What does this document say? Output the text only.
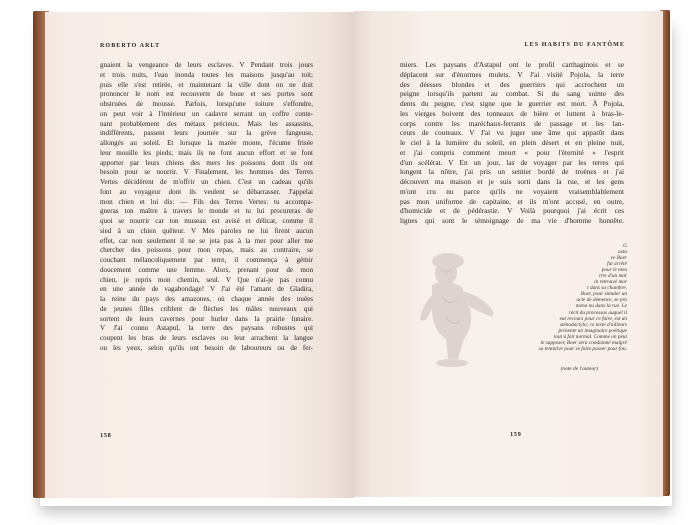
ROBERTO ARLT
gnaient la vengeance de leurs esclaves. V Pendant trois jours
et trois nuits, l'eau inonda toutes les maisons jusqu'au toit;
puis elle s'est retirée, et maintenant la ville dont on ne doit
prononcer le nom est recouverte de boue et ses portes sont
obstruées de mousse. Parfois, lorsqu'une toiture s'effondre,
on peut voir à l'intérieur un cadavre serrant un coffre conte-
nant probablement des métaux précieux. Mais les assassins,
indifférents, passent leurs journée sur la grève fangeuse,
allongés au soleil. Et lorsque la marée monte, l'écume frisée
leur mouille les pieds; mais ils ne font aucun effort et se font
apporter par leurs chiens des mers les poissons dont ils ont
besoin pour se nourrir. V Finalement, les hommes des Terres
Vertes décidèrent de m'offrir un chien. C'est un cadeau qu'ils
font au voyageur dont ils veulent se débarrasser. J'appelai
mon chien et lui dis: — Fils des Terres Vertes: tu accompa-
gneras ton maître à travers le monde et tu lui procureras de
quoi se nourrir car ton museau est avisé et délicat, comme il
sied à un chien quêteur. V Mes paroles ne lui firent aucun
effet, car non seulement il ne se jeta pas à la mer pour aller me
chercher des poissons pour mon repas, mais au contraire, se
couchant mélancoliquement par terre, il commença à gémir
doucement comme une femme. Alors, prenant pour de mon
chien, je repris mon chemin, seul. V Que n'ai-je pas connu
en une année de vagabondage! V J'ai été l'amant de Gladira,
la reine du pays des amazones, où chaque année des nuées
de jeunes filles criblent de flèches les mâles nouveaux qui
sortent de leurs cavernes pour hurler dans la prairie lunaire.
V J'ai connu Astapul, la terre des paysans robustes qui
coupent les bras de leurs esclaves ou leur arrachent la langue
ou les yeux, selon qu'ils ont besoin de laboureurs ou de fer-
158
LES HABITS DU FANTÔME
miers. Les paysans d'Astapul ont le profil carthaginois et se
déplacent sur d'énormes mulets. V J'ai visité Pojola, la terre
des déesses blondes et des guerriers qui accrochent un
peigne lorsqu'ils partent au combat. Si du sang suinte des
dents du peigne, c'est signe que le guerrier est mort. À Pojola,
les vierges boivent des tonneaux de bière et luttent à bras-le-
corps contre les maréchaux-ferrants de passage et les lan-
ceurs de couteaux. V J'ai vu juger une âme qui apparût dans
le ciel à la lumière du soleil, en plein désert et en pleine nuit,
et j'ai compris comment meurt « pour l'éternité » l'esprit
d'un scélérat. V En un jour, las de voyager par les terres qui
longent la nôtre, j'ai pris un sentier bordé de troènes et j'ai
découvert ma maison et je suis sorti dans la rue, et les gens
m'ont cru nu parce qu'ils ne voyaient vraisemblablement
pas mon uniforme de capitaine, et ils m'ont accusé, en outre,
d'homicide et de pédérastie. V Voilà pourquoi j'ai écrit ces
lignes qui sont le témoignage de ma vie d'homme honnête.
G
usta
ve Boer
fut arrêté
pour le meu
rtre d'un mar
in retrouvé mor
t dans sa chambre.
Boer, pour simuler un
acte de démence, se pro
mena nu dans la rue. Le
récit du processus auquel il
eut recours pour ce faire, est un
sténodactylo; ce texte d'ailleurs
présente un imaginaire poétique
tout à fait normal. Comme on peut
le supposer, Boer sera condamné malgré
sa tentative pour se faire passer pour fou.
(note de l'auteur)
159
